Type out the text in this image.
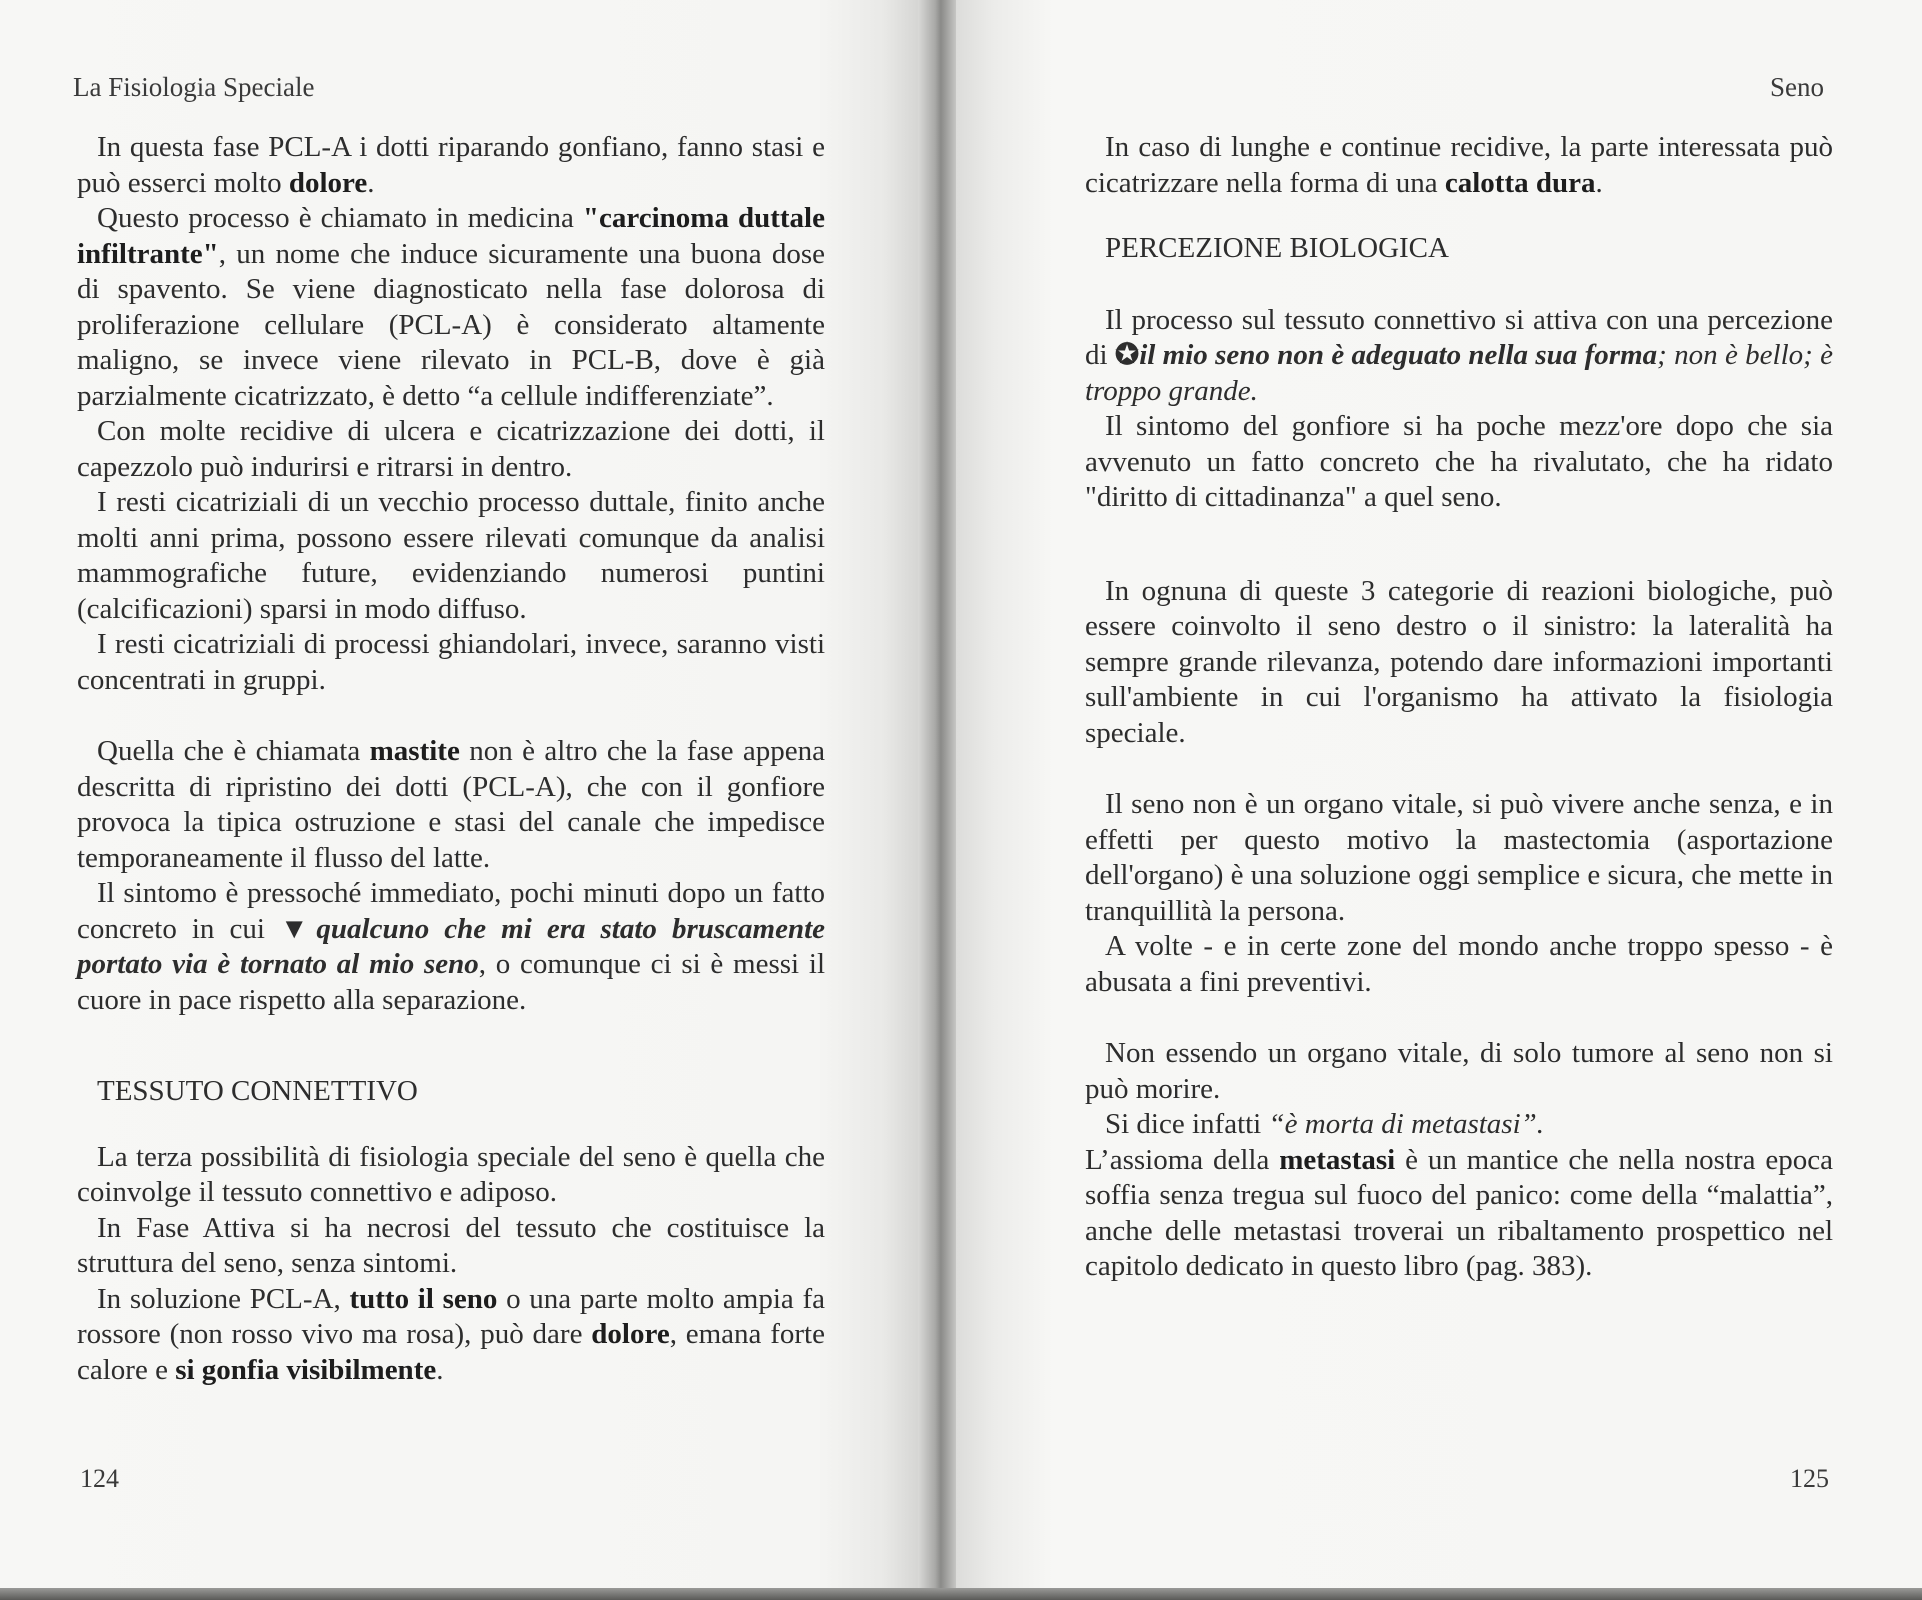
La Fisiologia Speciale

In questa fase PCL-A i dotti riparando gonfiano, fanno stasi e può esserci molto dolore.

Questo processo è chiamato in medicina "carcinoma duttale infiltrante", un nome che induce sicuramente una buona dose di spavento. Se viene diagnosticato nella fase dolorosa di proliferazione cellulare (PCL-A) è considerato altamente maligno, se invece viene rilevato in PCL-B, dove è già parzialmente cicatrizzato, è detto “a cellule indifferenziate”.

Con molte recidive di ulcera e cicatrizzazione dei dotti, il capezzolo può indurirsi e ritrarsi in dentro.

I resti cicatriziali di un vecchio processo duttale, finito anche molti anni prima, possono essere rilevati comunque da analisi mammografiche future, evidenziando numerosi puntini (calcificazioni) sparsi in modo diffuso.

I resti cicatriziali di processi ghiandolari, invece, saranno visti concentrati in gruppi.

Quella che è chiamata mastite non è altro che la fase appena descritta di ripristino dei dotti (PCL-A), che con il gonfiore provoca la tipica ostruzione e stasi del canale che impedisce temporaneamente il flusso del latte.

Il sintomo è pressoché immediato, pochi minuti dopo un fatto concreto in cui ▼qualcuno che mi era stato bruscamente portato via è tornato al mio seno, o comunque ci si è messi il cuore in pace rispetto alla separazione.

TESSUTO CONNETTIVO

La terza possibilità di fisiologia speciale del seno è quella che coinvolge il tessuto connettivo e adiposo.

In Fase Attiva si ha necrosi del tessuto che costituisce la struttura del seno, senza sintomi.

In soluzione PCL-A, tutto il seno o una parte molto ampia fa rossore (non rosso vivo ma rosa), può dare dolore, emana forte calore e si gonfia visibilmente.

124
Seno

In caso di lunghe e continue recidive, la parte interessata può cicatrizzare nella forma di una calotta dura.

PERCEZIONE BIOLOGICA

Il processo sul tessuto connettivo si attiva con una percezione di ✪il mio seno non è adeguato nella sua forma; non è bello; è troppo grande.

Il sintomo del gonfiore si ha poche mezz'ore dopo che sia avvenuto un fatto concreto che ha rivalutato, che ha ridato "diritto di cittadinanza" a quel seno.

In ognuna di queste 3 categorie di reazioni biologiche, può essere coinvolto il seno destro o il sinistro: la lateralità ha sempre grande rilevanza, potendo dare informazioni importanti sull'ambiente in cui l'organismo ha attivato la fisiologia speciale.

Il seno non è un organo vitale, si può vivere anche senza, e in effetti per questo motivo la mastectomia (asportazione dell'organo) è una soluzione oggi semplice e sicura, che mette in tranquillità la persona.

A volte - e in certe zone del mondo anche troppo spesso - è abusata a fini preventivi.

Non essendo un organo vitale, di solo tumore al seno non si può morire.

Si dice infatti “è morta di metastasi”.

L’assioma della metastasi è un mantice che nella nostra epoca soffia senza tregua sul fuoco del panico: come della “malattia”, anche delle metastasi troverai un ribaltamento prospettico nel capitolo dedicato in questo libro (pag. 383).

125
